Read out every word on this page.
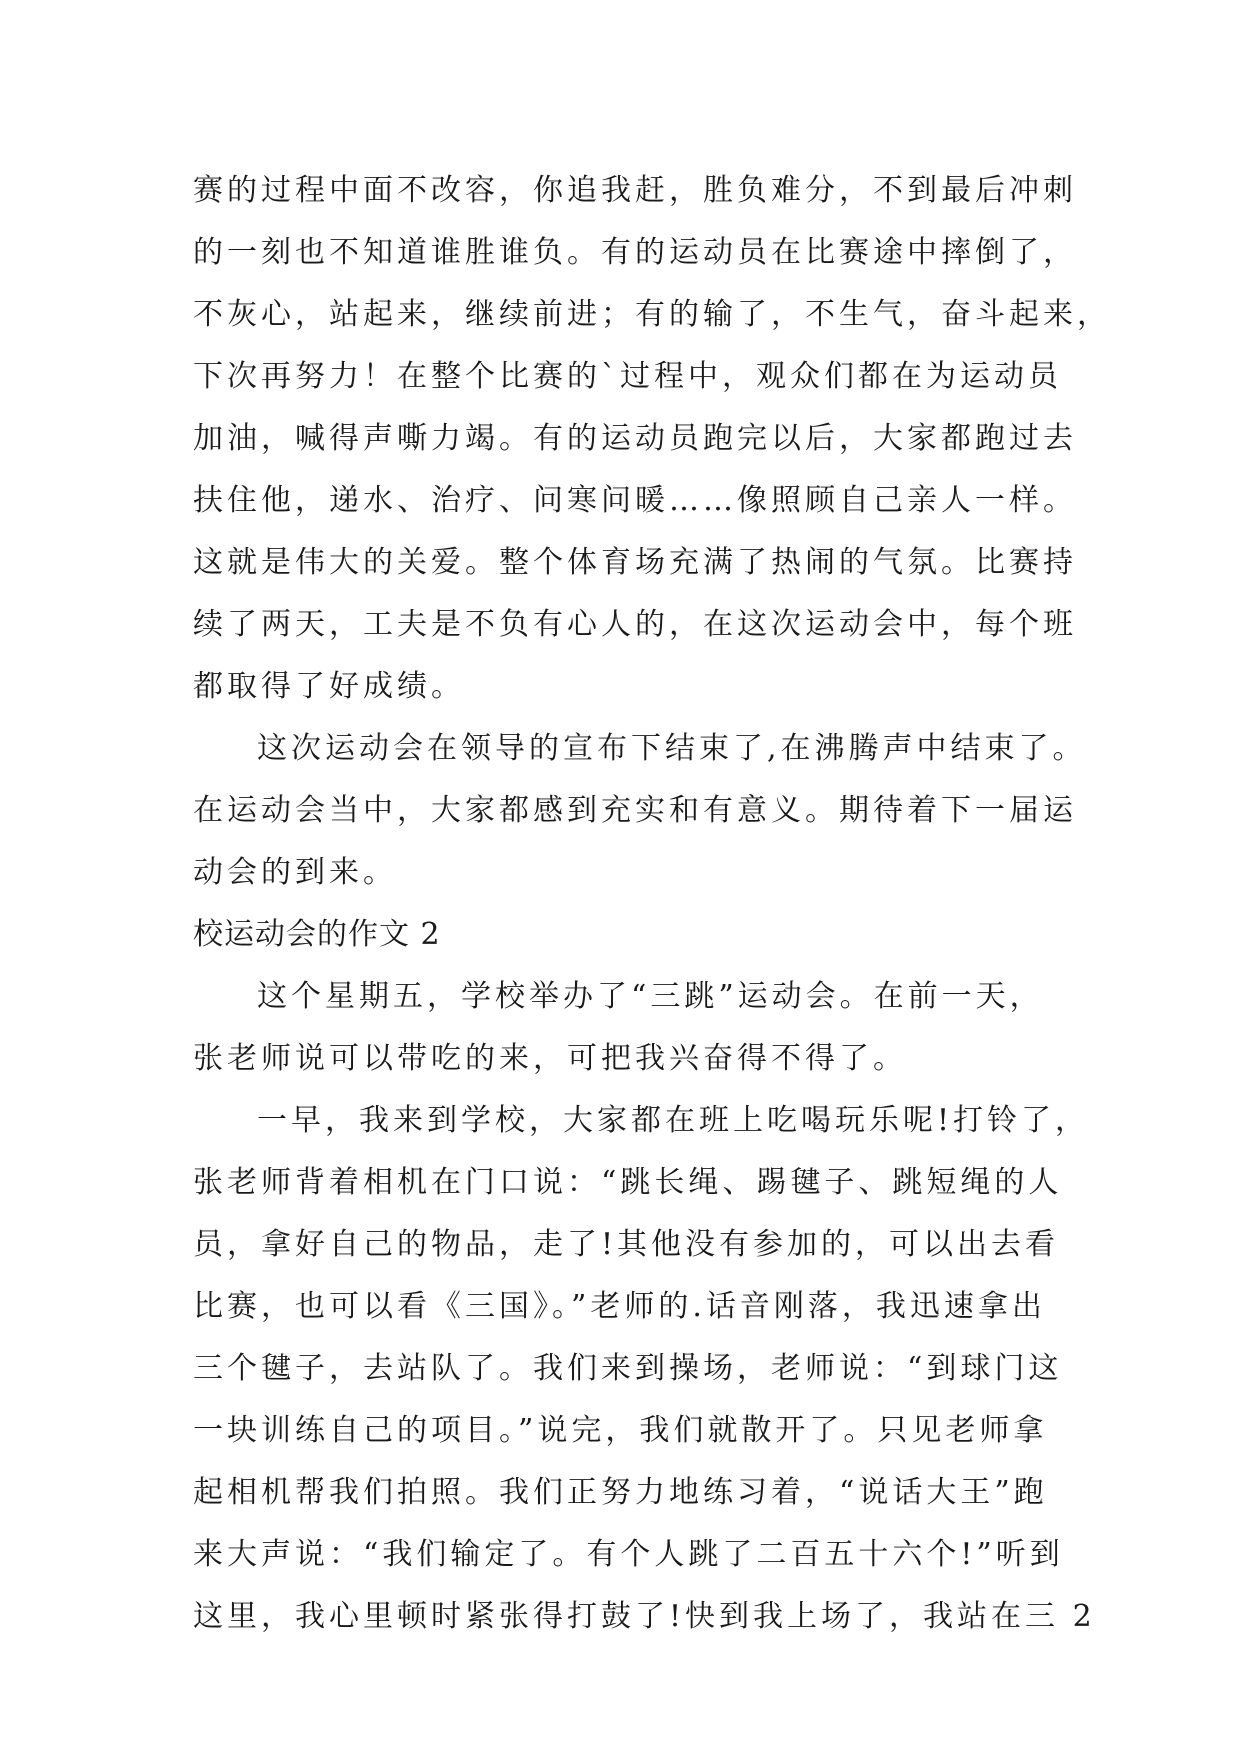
赛的过程中面不改容，你追我赶，胜负难分，不到最后冲刺
的一刻也不知道谁胜谁负。有的运动员在比赛途中摔倒了，
不灰心，站起来，继续前进；有的输了，不生气，奋斗起来，
下次再努力！在整个比赛的`过程中，观众们都在为运动员
加油，喊得声嘶力竭。有的运动员跑完以后，大家都跑过去
扶住他，递水、治疗、问寒问暖……像照顾自己亲人一样。
这就是伟大的关爱。整个体育场充满了热闹的气氛。比赛持
续了两天，工夫是不负有心人的，在这次运动会中，每个班
都取得了好成绩。
这次运动会在领导的宣布下结束了,在沸腾声中结束了。
在运动会当中，大家都感到充实和有意义。期待着下一届运
动会的到来。
校运动会的作文 2
这个星期五，学校举办了“三跳”运动会。在前一天，
张老师说可以带吃的来，可把我兴奋得不得了。
一早，我来到学校，大家都在班上吃喝玩乐呢!打铃了，
张老师背着相机在门口说：“跳长绳、踢毽子、跳短绳的人
员，拿好自己的物品，走了!其他没有参加的，可以出去看
比赛，也可以看《三国》。”老师的.话音刚落，我迅速拿出
三个毽子，去站队了。我们来到操场，老师说：“到球门这
一块训练自己的项目。”说完，我们就散开了。只见老师拿
起相机帮我们拍照。我们正努力地练习着，“说话大王”跑
来大声说：“我们输定了。有个人跳了二百五十六个!”听到
这里，我心里顿时紧张得打鼓了!快到我上场了，我站在三 2
